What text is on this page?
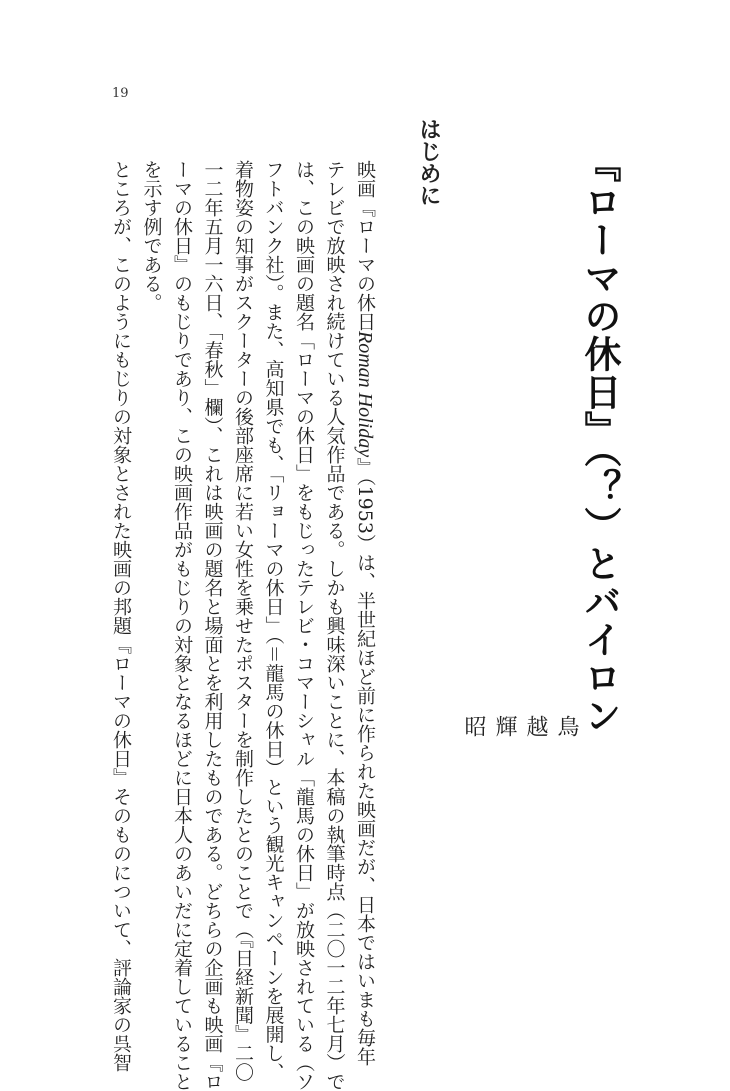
19
『ローマの休日』（？）とバイロン
鳥
越
輝
昭
はじめに
映画『ローマの休日Roman Holiday』（1953）は、半世紀ほど前に作られた映画だが、日本ではいまも毎年
テレビで放映され続けている人気作品である。しかも興味深いことに、本稿の執筆時点（二〇一二年七月）で
は、この映画の題名「ローマの休日」をもじったテレビ・コマーシャル「龍馬の休日」が放映されている（ソ
フトバンク社）。また、高知県でも、「リョーマの休日」（＝龍馬の休日）という観光キャンペーンを展開し、
着物姿の知事がスクーターの後部座席に若い女性を乗せたポスターを制作したとのことで（『日経新聞』二〇
一二年五月一六日、「春秋」欄）、これは映画の題名と場面とを利用したものである。どちらの企画も映画『ロ
ーマの休日』のもじりであり、この映画作品がもじりの対象となるほどに日本人のあいだに定着していること
を示す例である。
ところが、このようにもじりの対象とされた映画の邦題『ローマの休日』そのものについて、評論家の呉智
